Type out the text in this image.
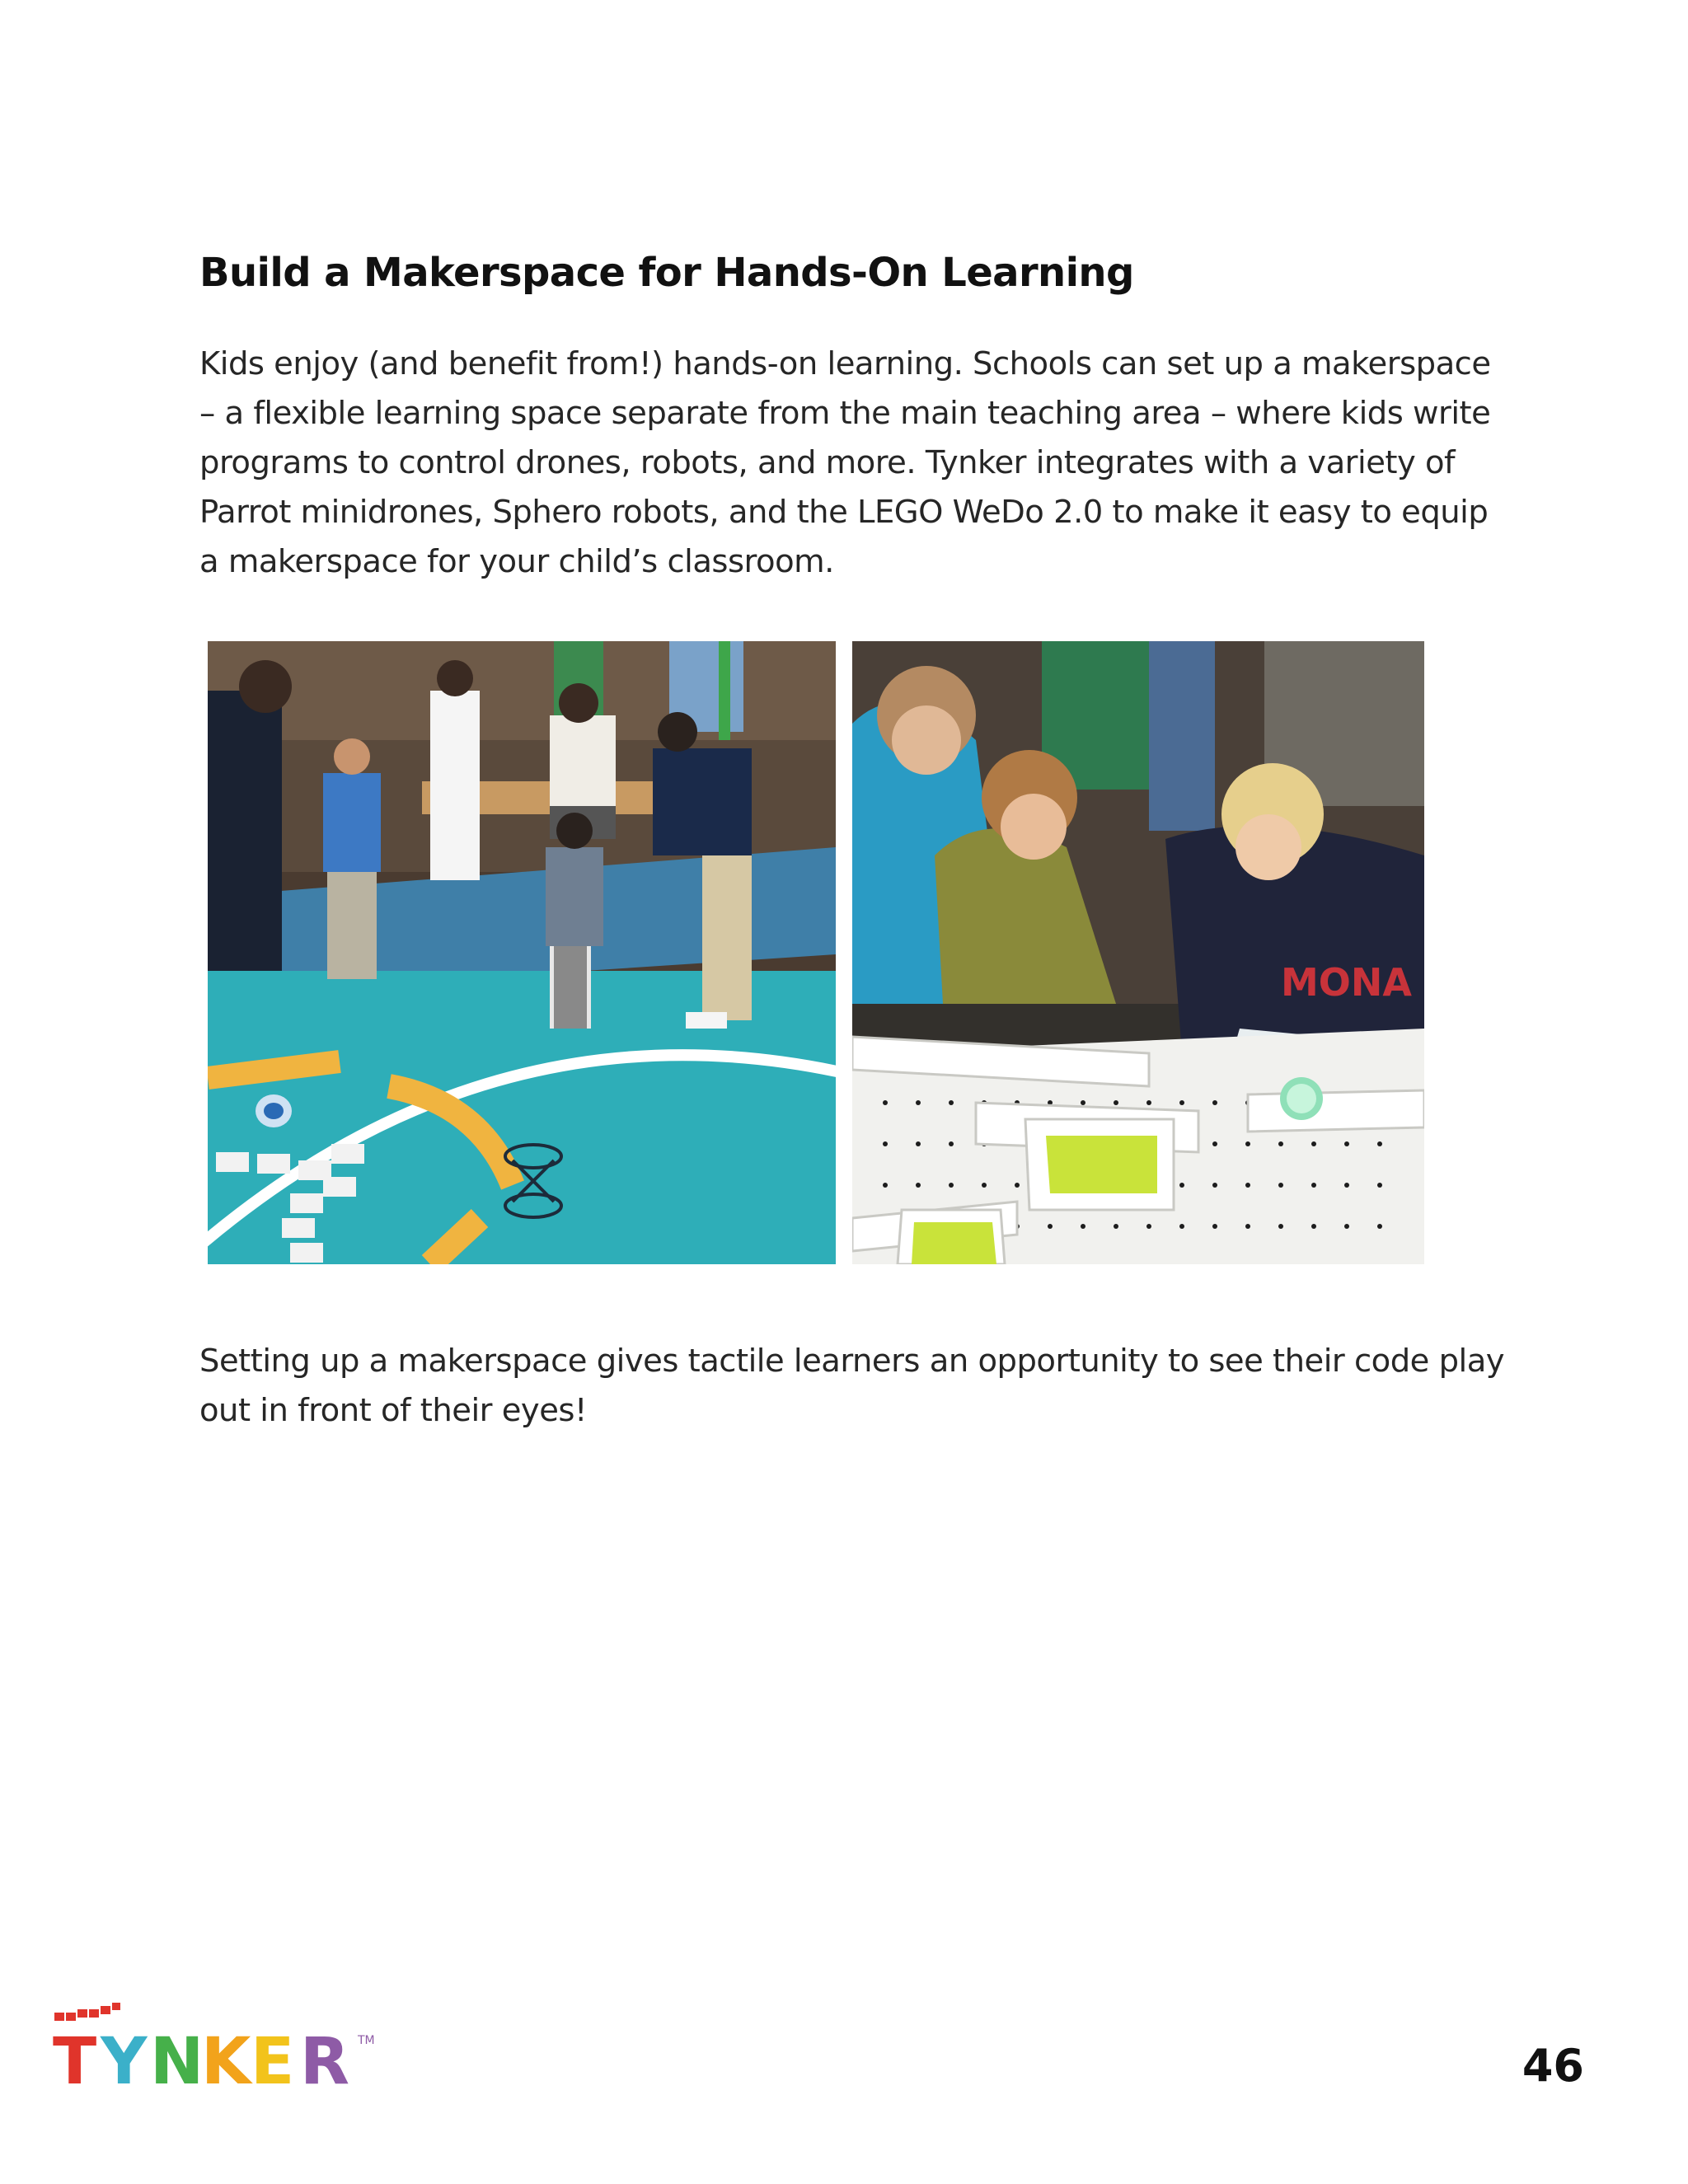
Build a Makerspace for Hands-On Learning

Kids enjoy (and benefit from!) hands-on learning. Schools can set up a makerspace
– a flexible learning space separate from the main teaching area – where kids write
programs to control drones, robots, and more. Tynker integrates with a variety of
Parrot minidrones, Sphero robots, and the LEGO WeDo 2.0 to make it easy to equip
a makerspace for your child’s classroom.

MONA

Setting up a makerspace gives tactile learners an opportunity to see their code play
out in front of their eyes!

T Y N
K E R TM	46
